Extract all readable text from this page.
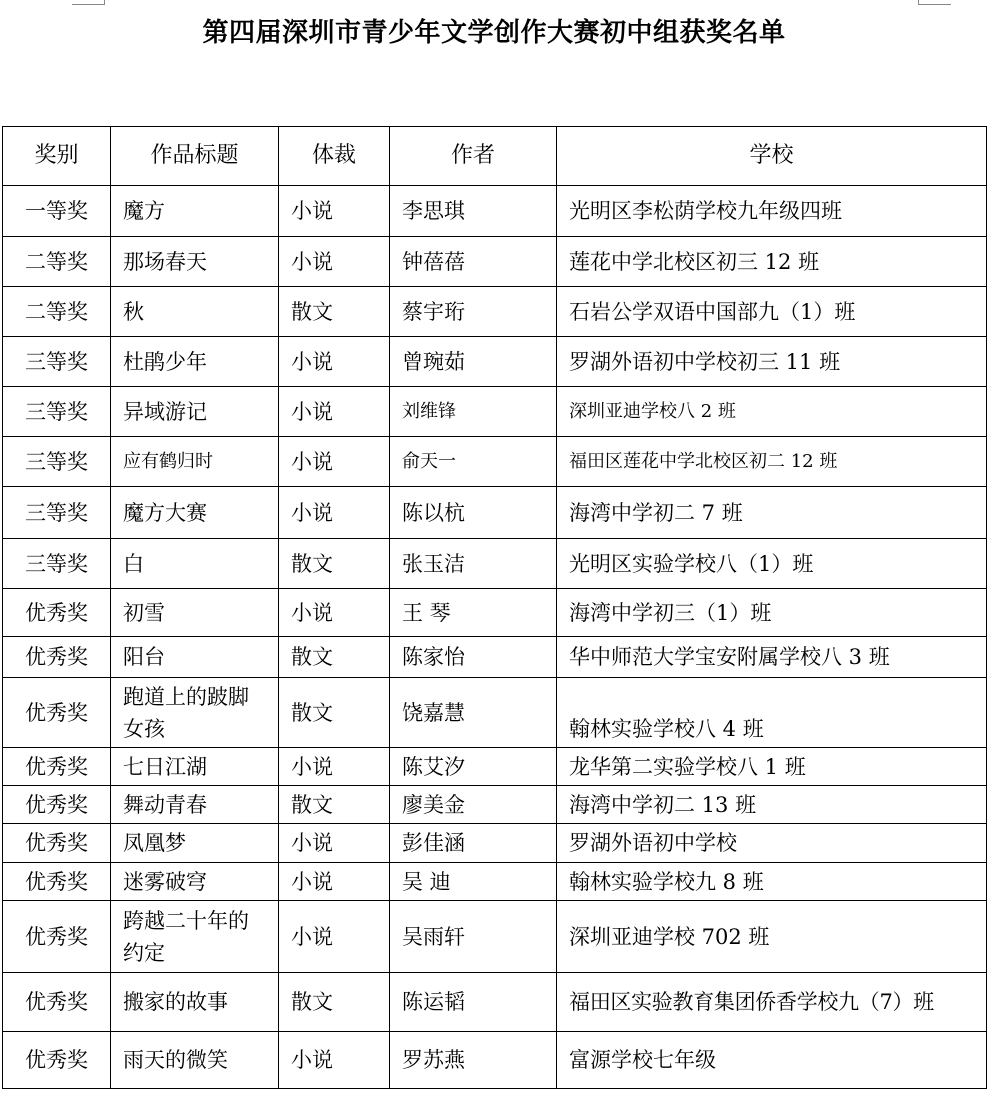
第四届深圳市青少年文学创作大赛初中组获奖名单
奖别	作品标题	体裁	作者	学校
一等奖	魔方	小说	李思琪	光明区李松荫学校九年级四班
二等奖	那场春天	小说	钟蓓蓓	莲花中学北校区初三 12 班
二等奖	秋	散文	蔡宇珩	石岩公学双语中国部九（1）班
三等奖	杜鹃少年	小说	曾琬茹	罗湖外语初中学校初三 11 班
三等奖	异域游记	小说	刘维锋	深圳亚迪学校八 2 班
三等奖	应有鹤归时	小说	俞天一	福田区莲花中学北校区初二 12 班
三等奖	魔方大赛	小说	陈以杭	海湾中学初二 7 班
三等奖	白	散文	张玉洁	光明区实验学校八（1）班
优秀奖	初雪	小说	王 琴	海湾中学初三（1）班
优秀奖	阳台	散文	陈家怡	华中师范大学宝安附属学校八 3 班
优秀奖	跑道上的跛脚女孩	散文	饶嘉慧	翰林实验学校八 4 班
优秀奖	七日江湖	小说	陈艾汐	龙华第二实验学校八 1 班
优秀奖	舞动青春	散文	廖美金	海湾中学初二 13 班
优秀奖	凤凰梦	小说	彭佳涵	罗湖外语初中学校
优秀奖	迷雾破穹	小说	吴 迪	翰林实验学校九 8 班
优秀奖	跨越二十年的约定	小说	吴雨轩	深圳亚迪学校 702 班
优秀奖	搬家的故事	散文	陈运韬	福田区实验教育集团侨香学校九（7）班
优秀奖	雨天的微笑	小说	罗苏燕	富源学校七年级
